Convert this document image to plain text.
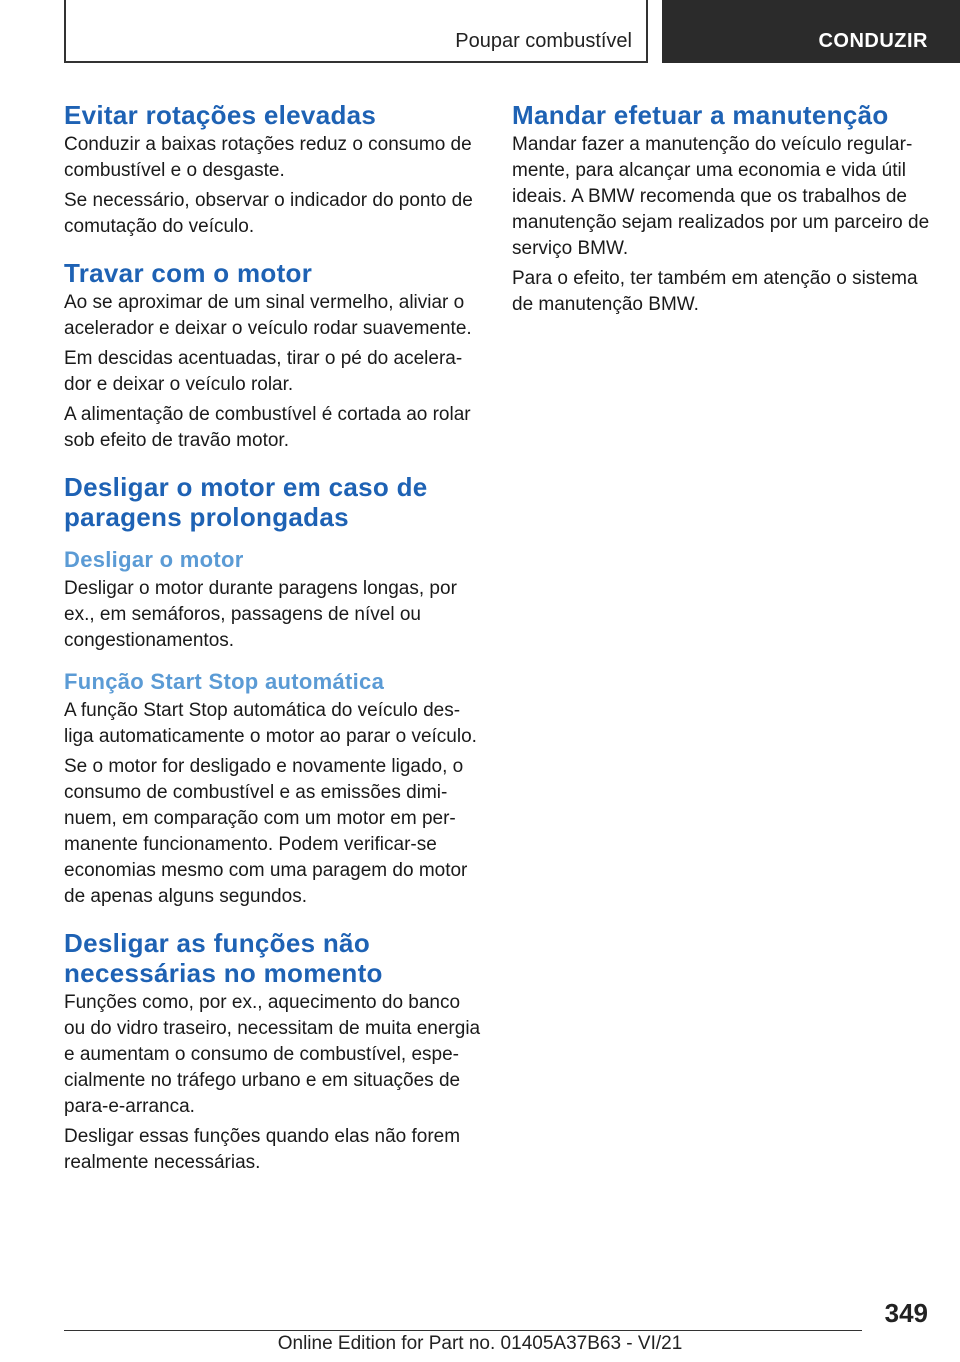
Poupar combustível	CONDUZIR
Evitar rotações elevadas

Conduzir a baixas rotações reduz o consumo de combustível e o desgaste.

Se necessário, observar o indicador do ponto de comutação do veículo.

Travar com o motor

Ao se aproximar de um sinal vermelho, aliviar o acelerador e deixar o veículo rodar suavemente.

Em descidas acentuadas, tirar o pé do acelera-dor e deixar o veículo rolar.

A alimentação de combustível é cortada ao rolar sob efeito de travão motor.

Desligar o motor em caso de paragens prolongadas
Desligar o motor

Desligar o motor durante paragens longas, por ex., em semáforos, passagens de nível ou congestionamentos.

Função Start Stop automática

A função Start Stop automática do veículo des-liga automaticamente o motor ao parar o veículo.

Se o motor for desligado e novamente ligado, o consumo de combustível e as emissões dimi-nuem, em comparação com um motor em per-manente funcionamento. Podem verificar-se economias mesmo com uma paragem do motor de apenas alguns segundos.

Desligar as funções não necessárias no momento

Funções como, por ex., aquecimento do banco ou do vidro traseiro, necessitam de muita energia e aumentam o consumo de combustível, espe-cialmente no tráfego urbano e em situações de para-e-arranca.

Desligar essas funções quando elas não forem realmente necessárias.

Mandar efetuar a manutenção

Mandar fazer a manutenção do veículo regular-mente, para alcançar uma economia e vida útil ideais. A BMW recomenda que os trabalhos de manutenção sejam realizados por um parceiro de serviço BMW.

Para o efeito, ter também em atenção o sistema de manutenção BMW.

349
Online Edition for Part no. 01405A37B63 - VI/21
